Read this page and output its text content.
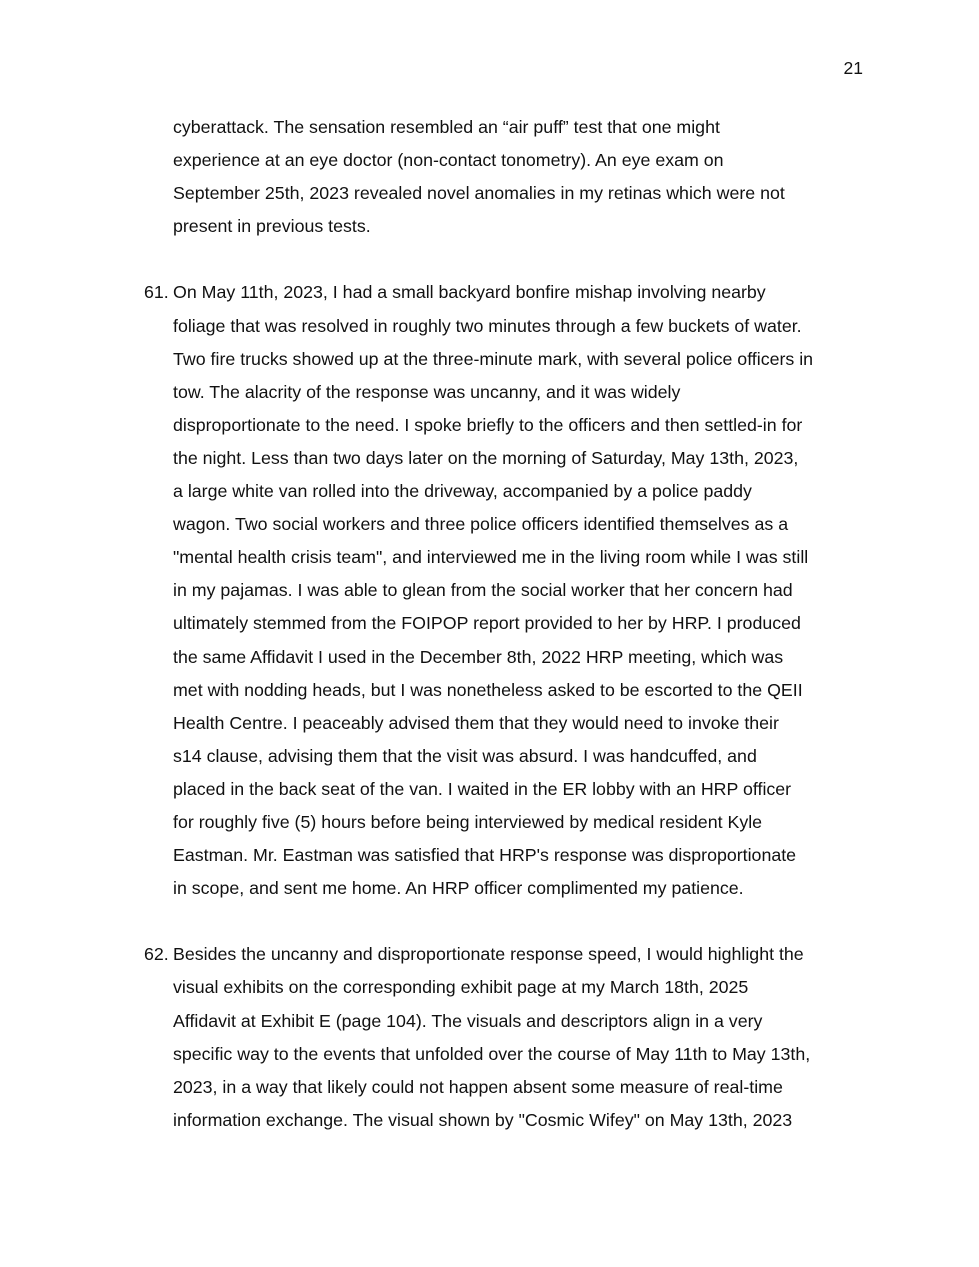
21
cyberattack. The sensation resembled an “air puff” test that one might
experience at an eye doctor (non-contact tonometry). An eye exam on
September 25th, 2023 revealed novel anomalies in my retinas which were not
present in previous tests.
61. On May 11th, 2023, I had a small backyard bonfire mishap involving nearby
foliage that was resolved in roughly two minutes through a few buckets of water.
Two fire trucks showed up at the three-minute mark, with several police officers in
tow. The alacrity of the response was uncanny, and it was widely
disproportionate to the need. I spoke briefly to the officers and then settled-in for
the night. Less than two days later on the morning of Saturday, May 13th, 2023,
a large white van rolled into the driveway, accompanied by a police paddy
wagon. Two social workers and three police officers identified themselves as a
"mental health crisis team", and interviewed me in the living room while I was still
in my pajamas. I was able to glean from the social worker that her concern had
ultimately stemmed from the FOIPOP report provided to her by HRP. I produced
the same Affidavit I used in the December 8th, 2022 HRP meeting, which was
met with nodding heads, but I was nonetheless asked to be escorted to the QEII
Health Centre. I peaceably advised them that they would need to invoke their
s14 clause, advising them that the visit was absurd. I was handcuffed, and
placed in the back seat of the van. I waited in the ER lobby with an HRP officer
for roughly five (5) hours before being interviewed by medical resident Kyle
Eastman. Mr. Eastman was satisfied that HRP's response was disproportionate
in scope, and sent me home. An HRP officer complimented my patience.
62. Besides the uncanny and disproportionate response speed, I would highlight the
visual exhibits on the corresponding exhibit page at my March 18th, 2025
Affidavit at Exhibit E (page 104). The visuals and descriptors align in a very
specific way to the events that unfolded over the course of May 11th to May 13th,
2023, in a way that likely could not happen absent some measure of real-time
information exchange. The visual shown by "Cosmic Wifey" on May 13th, 2023
